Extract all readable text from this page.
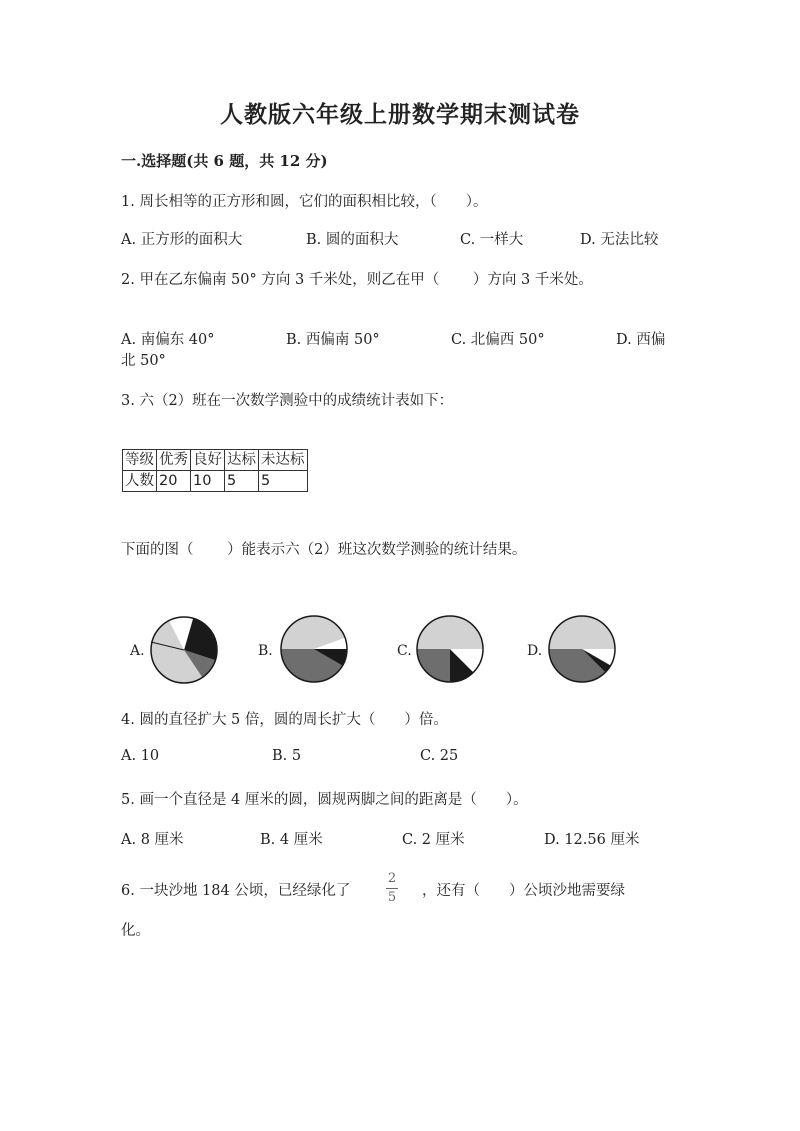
人教版六年级上册数学期末测试卷
一.选择题(共 6 题，共 12 分)
1. 周长相等的正方形和圆，它们的面积相比较，（　　）。
A. 正方形的面积大	B. 圆的面积大	C. 一样大	D. 无法比较
2. 甲在乙东偏南 50° 方向 3 千米处，则乙在甲（　　 ）方向 3 千米处。
A. 南偏东 40°	B. 西偏南 50°	C. 北偏西 50°	D. 西偏
北 50°
3. 六（2）班在一次数学测验中的成绩统计表如下：
等级	优秀	良好	达标	未达标
人数	20	10	5	5
下面的图（　　 ）能表示六（2）班这次数学测验的统计结果。
A.	B.	C.	D.
4. 圆的直径扩大 5 倍，圆的周长扩大（　　）倍。
A. 10	B. 5	C. 25
5. 画一个直径是 4 厘米的圆，圆规两脚之间的距离是（　　）。
A. 8 厘米	B. 4 厘米	C. 2 厘米	D. 12.56 厘米
6. 一块沙地 184 公顷，已经绿化了
2
5 ，还有（　　）公顷沙地需要绿
化。
